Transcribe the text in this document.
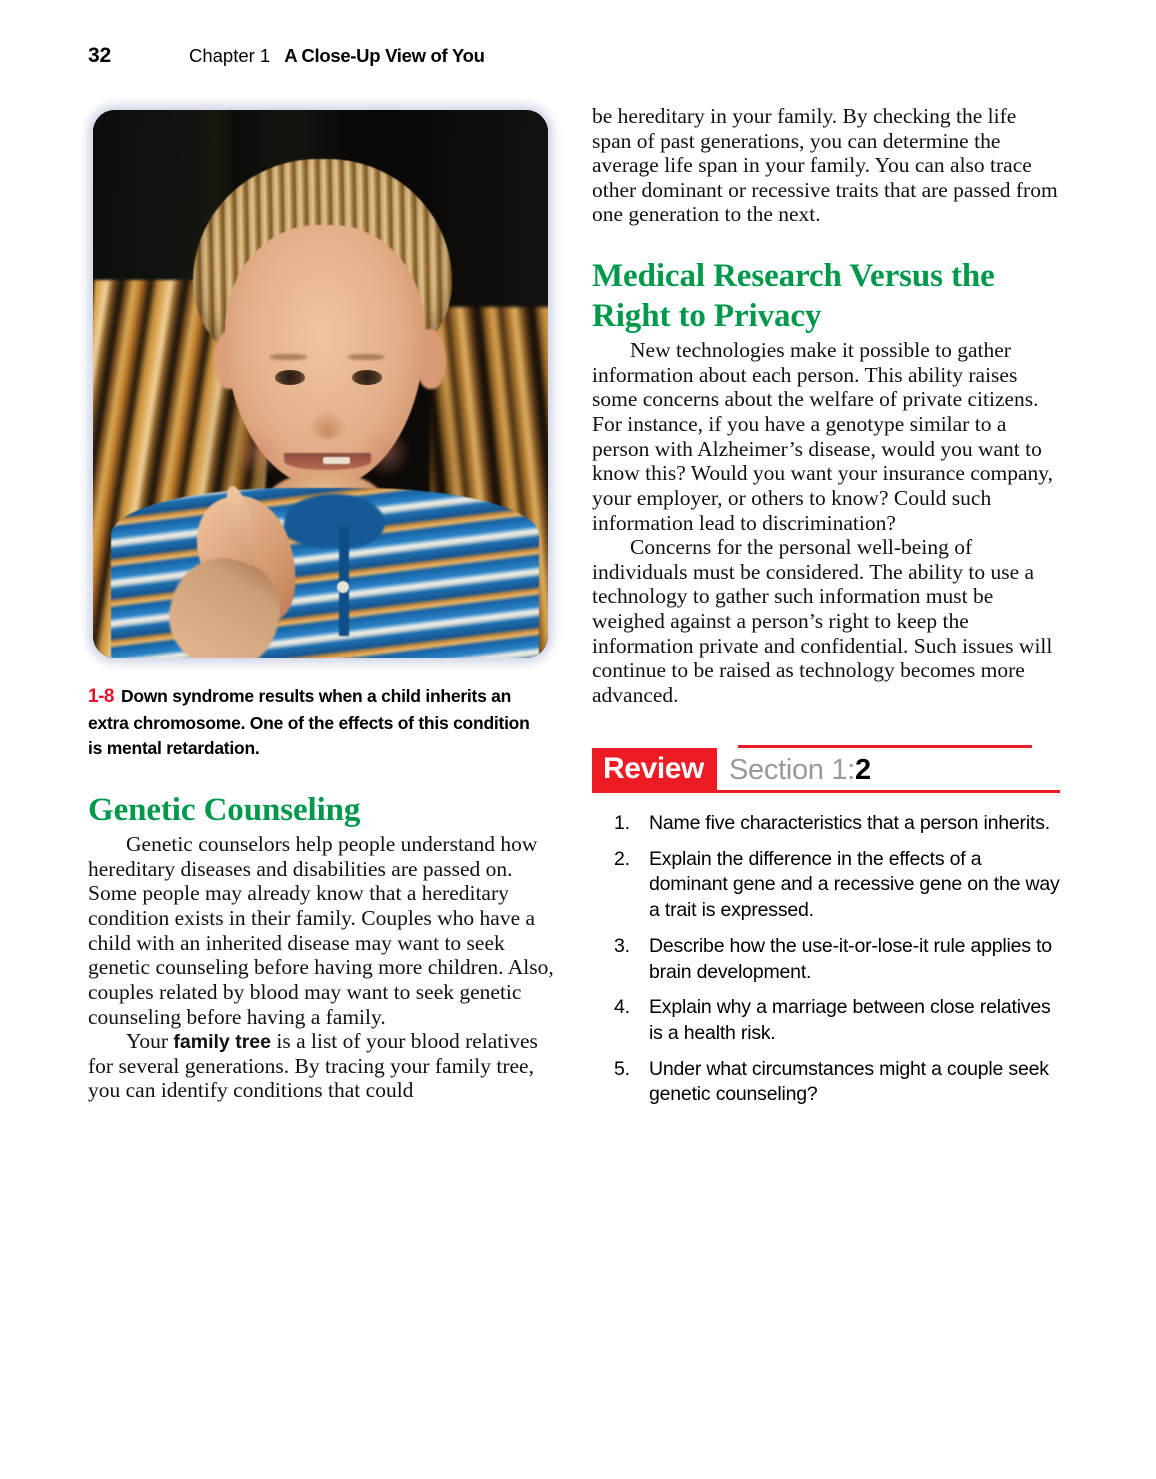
32	Chapter 1 A Close-Up View of You
1-8 Down syndrome results when a child inherits an extra chromosome. One of the effects of this condition is mental retardation.
Genetic Counseling

Genetic counselors help people understand how hereditary diseases and disabilities are passed on. Some people may already know that a hereditary condition exists in their family. Couples who have a child with an inherited disease may want to seek genetic counseling before having more children. Also, couples related by blood may want to seek genetic counseling before having a family.

Your family tree is a list of your blood relatives for several generations. By tracing your family tree, you can identify conditions that could

be hereditary in your family. By checking the life span of past generations, you can determine the average life span in your family. You can also trace other dominant or recessive traits that are passed from one generation to the next.

Medical Research Versus the Right to Privacy

New technologies make it possible to gather information about each person. This ability raises some concerns about the welfare of private citizens. For instance, if you have a genotype similar to a person with Alzheimer’s disease, would you want to know this? Would you want your insurance company, your employer, or others to know? Could such information lead to discrimination?

Concerns for the personal well-being of individuals must be considered. The ability to use a technology to gather such information must be weighed against a person’s right to keep the information private and confidential. Such issues will continue to be raised as technology becomes more advanced.

Review Section 1:2
Name five characteristics that a person inherits.
Explain the difference in the effects of a dominant gene and a recessive gene on the way a trait is expressed.
Describe how the use-it-or-lose-it rule applies to brain development.
Explain why a marriage between close relatives is a health risk.
Under what circumstances might a couple seek genetic counseling?
